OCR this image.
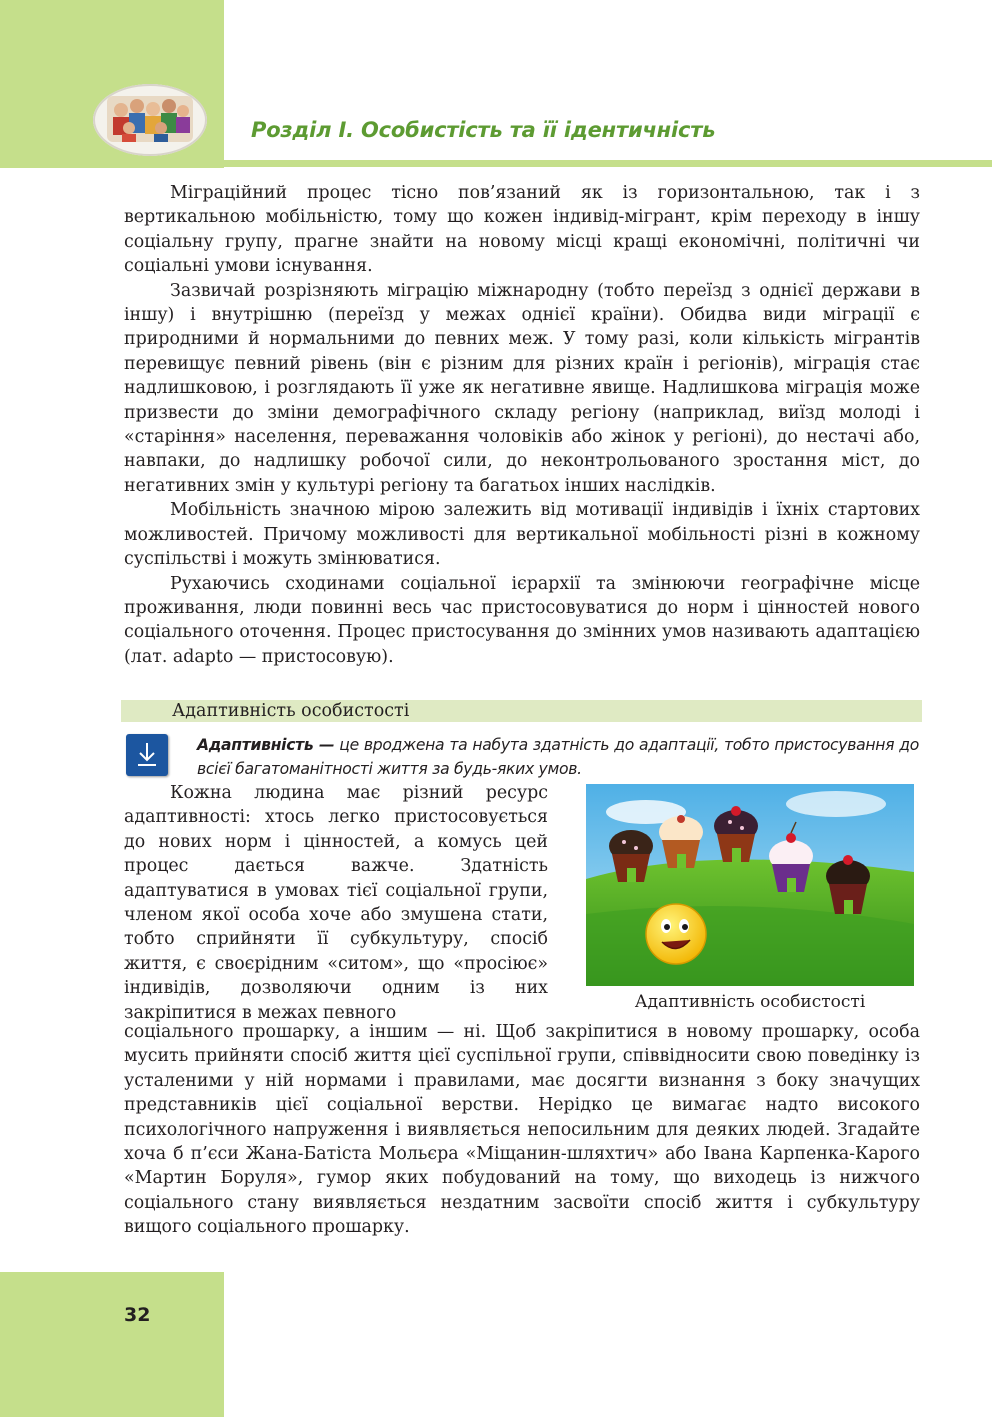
Розділ І. Особистість та її ідентичність

Міграційний процес тісно пов’язаний як із горизонтальною, так і з вертикальною мобільністю, тому що кожен індивід-мігрант, крім переходу в іншу соціальну групу, прагне знайти на новому місці кращі економічні, політичні чи соціальні умови існування.

Зазвичай розрізняють міграцію міжнародну (тобто переїзд з однієї держави в іншу) і внутрішню (переїзд у межах однієї країни). Обидва види міграції є природними й нормальними до певних меж. У тому разі, коли кількість мігрантів перевищує певний рівень (він є різним для різних країн і регіонів), міграція стає надлишковою, і розглядають її уже як негативне явище. Надлишкова міграція може призвести до зміни демографічного складу регіону (наприклад, виїзд молоді і «старіння» населення, переважання чоловіків або жінок у регіоні), до нестачі або, навпаки, до надлишку робочої сили, до неконтрольованого зростання міст, до негативних змін у культурі регіону та багатьох інших наслідків.

Мобільність значною мірою залежить від мотивації індивідів і їхніх стартових можливостей. Причому можливості для вертикальної мобільності різні в кожному суспільстві і можуть змінюватися.

Рухаючись сходинами соціальної ієрархії та змінюючи географічне місце проживання, люди повинні весь час пристосовуватися до норм і цінностей нового соціального оточення. Процес пристосування до змінних умов називають адаптацією (лат. adapto — пристосовую).

Адаптивність особистості
Адаптивність — це вроджена та набута здатність до адаптації, тобто пристосування до всієї багатоманітності життя за будь-яких умов.

Кожна людина має різний ресурс адаптивності: хтось легко пристосовується до нових норм і цінностей, а комусь цей процес дається важче. Здатність адаптуватися в умовах тієї соціальної групи, членом якої особа хоче або змушена стати, тобто сприйняти її субкультуру, спосіб життя, є своєрідним «ситом», що «просіює» індивідів, дозволяючи одним із них закріпитися в межах певного

Адаптивність особистості

соціального прошарку, а іншим — ні. Щоб закріпитися в новому прошарку, особа мусить прийняти спосіб життя цієї суспільної групи, співвідносити свою поведінку із усталеними у ній нормами і правилами, має досягти визнання з боку значущих представників цієї соціальної верстви. Нерідко це вимагає надто високого психологічного напруження і виявляється непосильним для деяких людей. Згадайте хоча б п’єси Жана-Батіста Мольєра «Міщанин-шляхтич» або Івана Карпенка-Карого «Мартин Боруля», гумор яких побудований на тому, що виходець із нижчого соціального стану виявляється нездатним засвоїти спосіб життя і субкультуру вищого соціального прошарку.

32
